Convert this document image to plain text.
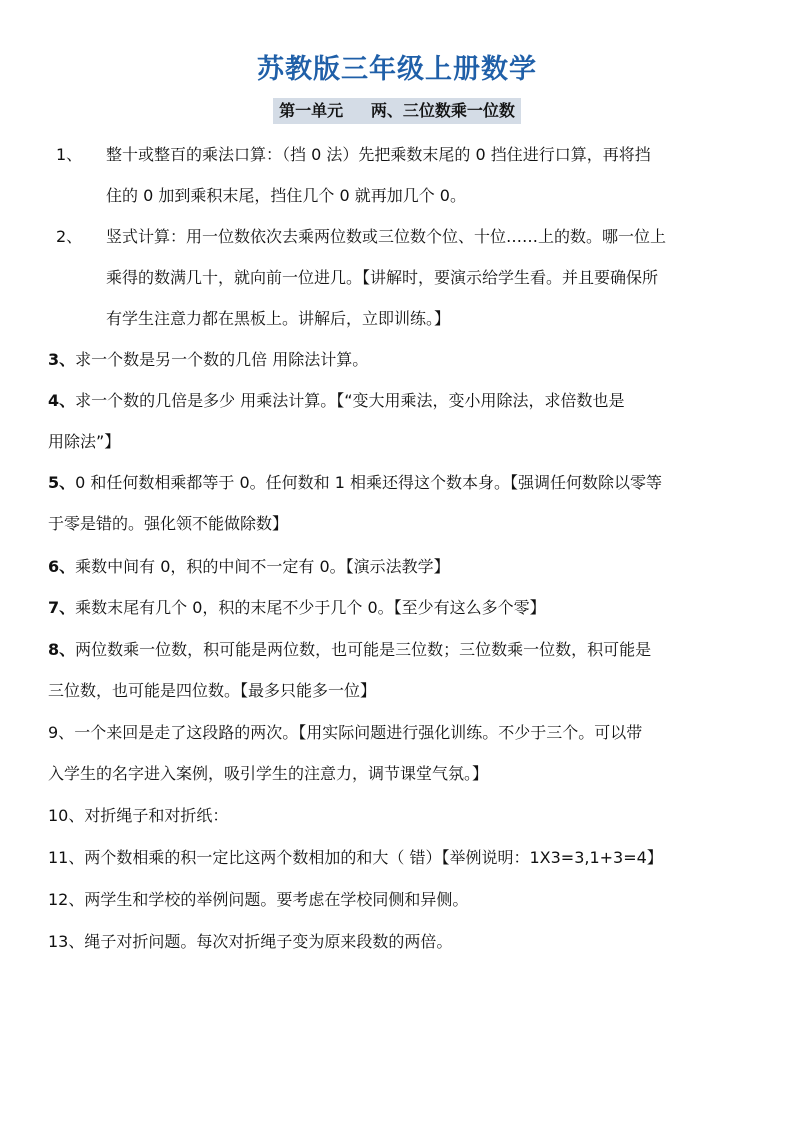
苏教版三年级上册数学
第一单元     两、三位数乘一位数
1、 整十或整百的乘法口算：（挡 0 法）先把乘数末尾的 0 挡住进行口算，再将挡
住的 0 加到乘积末尾，挡住几个 0 就再加几个 0。
2、 竖式计算：用一位数依次去乘两位数或三位数个位、十位……上的数。哪一位上
乘得的数满几十，就向前一位进几。【讲解时，要演示给学生看。并且要确保所
有学生注意力都在黑板上。讲解后，立即训练。】
3、求一个数是另一个数的几倍 用除法计算。
4、求一个数的几倍是多少 用乘法计算。【“变大用乘法，变小用除法，求倍数也是
用除法”】
5、0 和任何数相乘都等于 0。任何数和 1 相乘还得这个数本身。【强调任何数除以零等
于零是错的。强化领不能做除数】
6、乘数中间有 0，积的中间不一定有 0。【演示法教学】
7、乘数末尾有几个 0，积的末尾不少于几个 0。【至少有这么多个零】
8、两位数乘一位数，积可能是两位数，也可能是三位数；三位数乘一位数，积可能是
三位数，也可能是四位数。【最多只能多一位】
9、一个来回是走了这段路的两次。【用实际问题进行强化训练。不少于三个。可以带
入学生的名字进入案例，吸引学生的注意力，调节课堂气氛。】
10、对折绳子和对折纸：
11、两个数相乘的积一定比这两个数相加的和大（ 错）【举例说明：1X3=3,1+3=4】
12、两学生和学校的举例问题。要考虑在学校同侧和异侧。
13、绳子对折问题。每次对折绳子变为原来段数的两倍。
